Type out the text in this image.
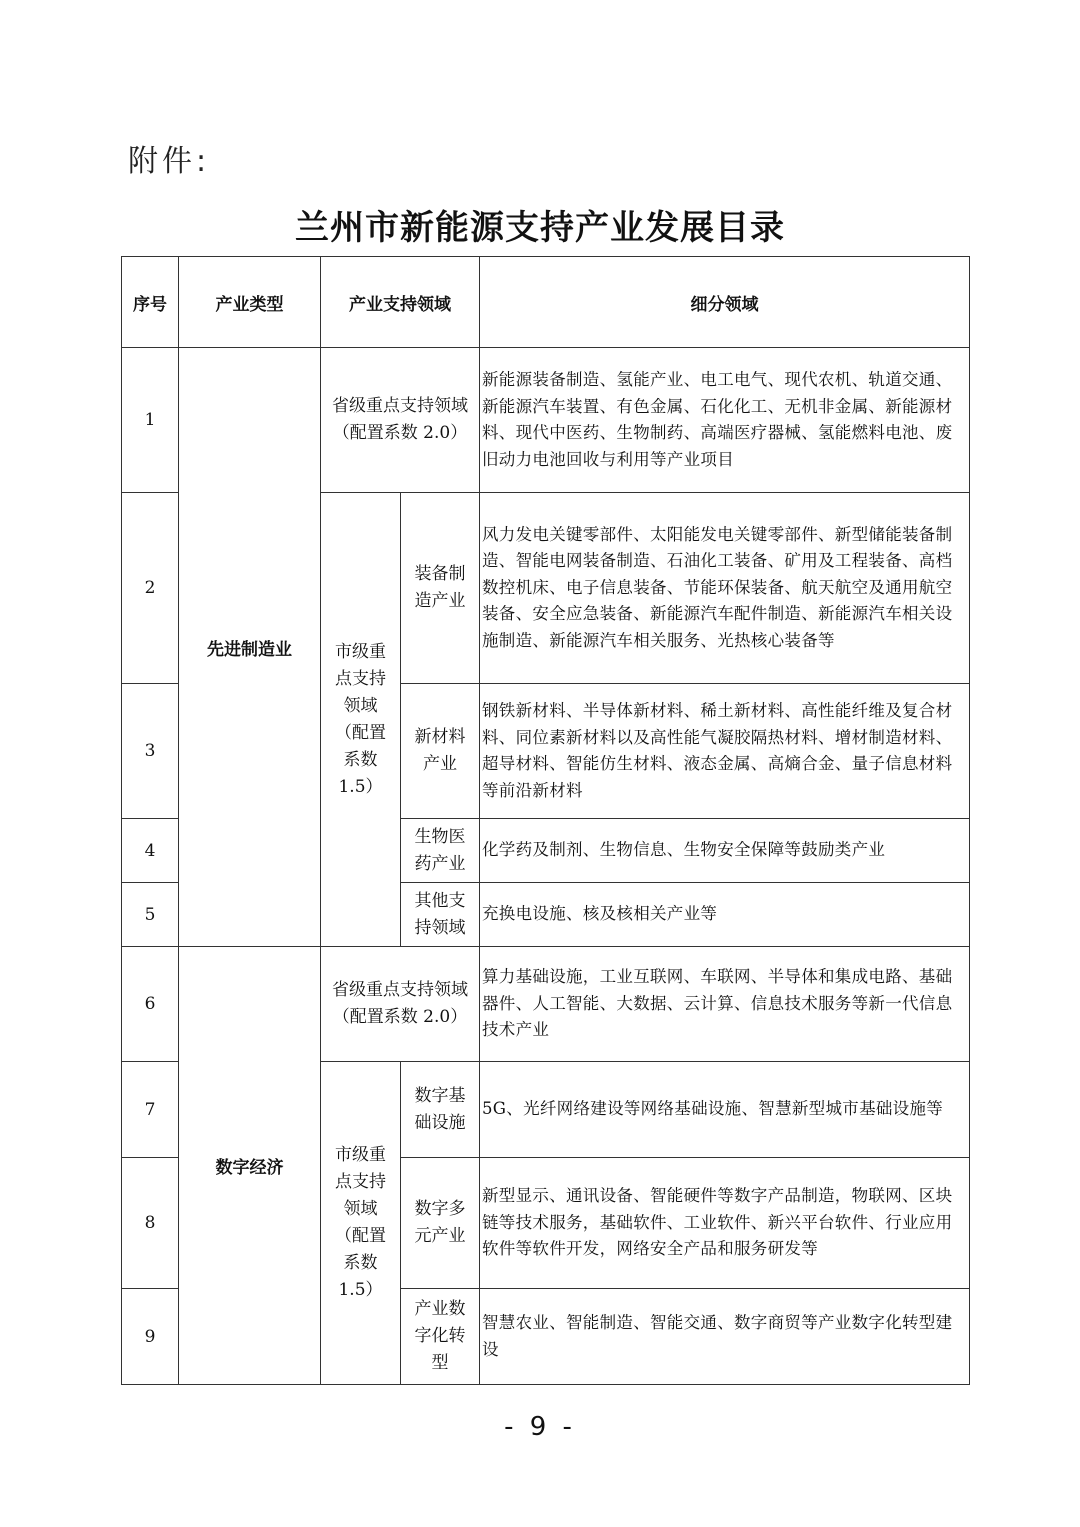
附件:
兰州市新能源支持产业发展目录
序号	产业类型	产业支持领域		细分领域
1	先进制造业	省级重点支持领域（配置系数 2.0）		新能源装备制造、氢能产业、电工电气、现代农机、轨道交通、新能源汽车装置、有色金属、石化化工、无机非金属、新能源材料、现代中医药、生物制药、高端医疗器械、氢能燃料电池、废旧动力电池回收与利用等产业项目
2		市级重点支持领域（配置系数 1.5）	装备制造产业	风力发电关键零部件、太阳能发电关键零部件、新型储能装备制造、智能电网装备制造、石油化工装备、矿用及工程装备、高档数控机床、电子信息装备、节能环保装备、航天航空及通用航空装备、安全应急装备、新能源汽车配件制造、新能源汽车相关设施制造、新能源汽车相关服务、光热核心装备等
3			新材料产业	钢铁新材料、半导体新材料、稀土新材料、高性能纤维及复合材料、同位素新材料以及高性能气凝胶隔热材料、增材制造材料、超导材料、智能仿生材料、液态金属、高熵合金、量子信息材料等前沿新材料
4			生物医药产业	化学药及制剂、生物信息、生物安全保障等鼓励类产业
5			其他支持领域	充换电设施、核及核相关产业等
6	数字经济	省级重点支持领域（配置系数 2.0）		算力基础设施，工业互联网、车联网、半导体和集成电路、基础器件、人工智能、大数据、云计算、信息技术服务等新一代信息技术产业
7		市级重点支持领域（配置系数 1.5）	数字基础设施	5G、光纤网络建设等网络基础设施、智慧新型城市基础设施等
8			数字多元产业	新型显示、通讯设备、智能硬件等数字产品制造，物联网、区块链等技术服务，基础软件、工业软件、新兴平台软件、行业应用软件等软件开发，网络安全产品和服务研发等
9			产业数字化转型	智慧农业、智能制造、智能交通、数字商贸等产业数字化转型建设
- 9 -
